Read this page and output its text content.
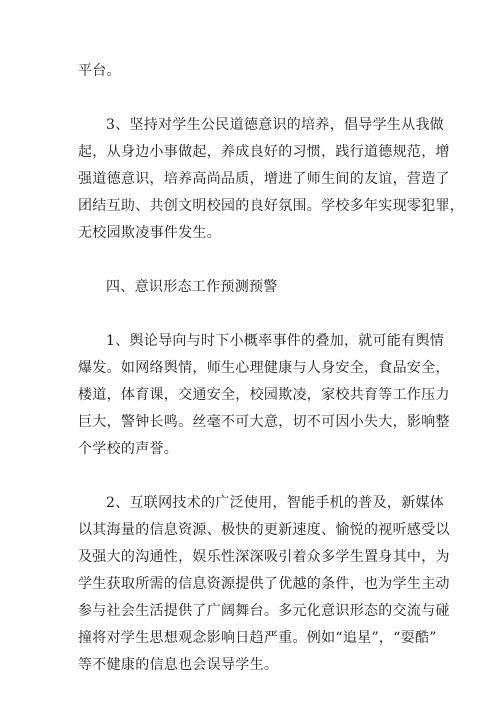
平台。

3、坚持对学生公民道德意识的培养，倡导学生从我做
起，从身边小事做起，养成良好的习惯，践行道德规范，增
强道德意识，培养高尚品质，增进了师生间的友谊，营造了
团结互助、共创文明校园的良好氛围。学校多年实现零犯罪，
无校园欺凌事件发生。

四、意识形态工作预测预警

1、舆论导向与时下小概率事件的叠加，就可能有舆情
爆发。如网络舆情，师生心理健康与人身安全，食品安全，
楼道，体育课，交通安全，校园欺凌，家校共育等工作压力
巨大，警钟长鸣。丝毫不可大意，切不可因小失大，影响整
个学校的声誉。

2、互联网技术的广泛使用，智能手机的普及，新媒体
以其海量的信息资源、极快的更新速度、愉悦的视听感受以
及强大的沟通性，娱乐性深深吸引着众多学生置身其中，为
学生获取所需的信息资源提供了优越的条件，也为学生主动
参与社会生活提供了广阔舞台。多元化意识形态的交流与碰
撞将对学生思想观念影响日趋严重。例如“追星”，“耍酷”
等不健康的信息也会误导学生。
